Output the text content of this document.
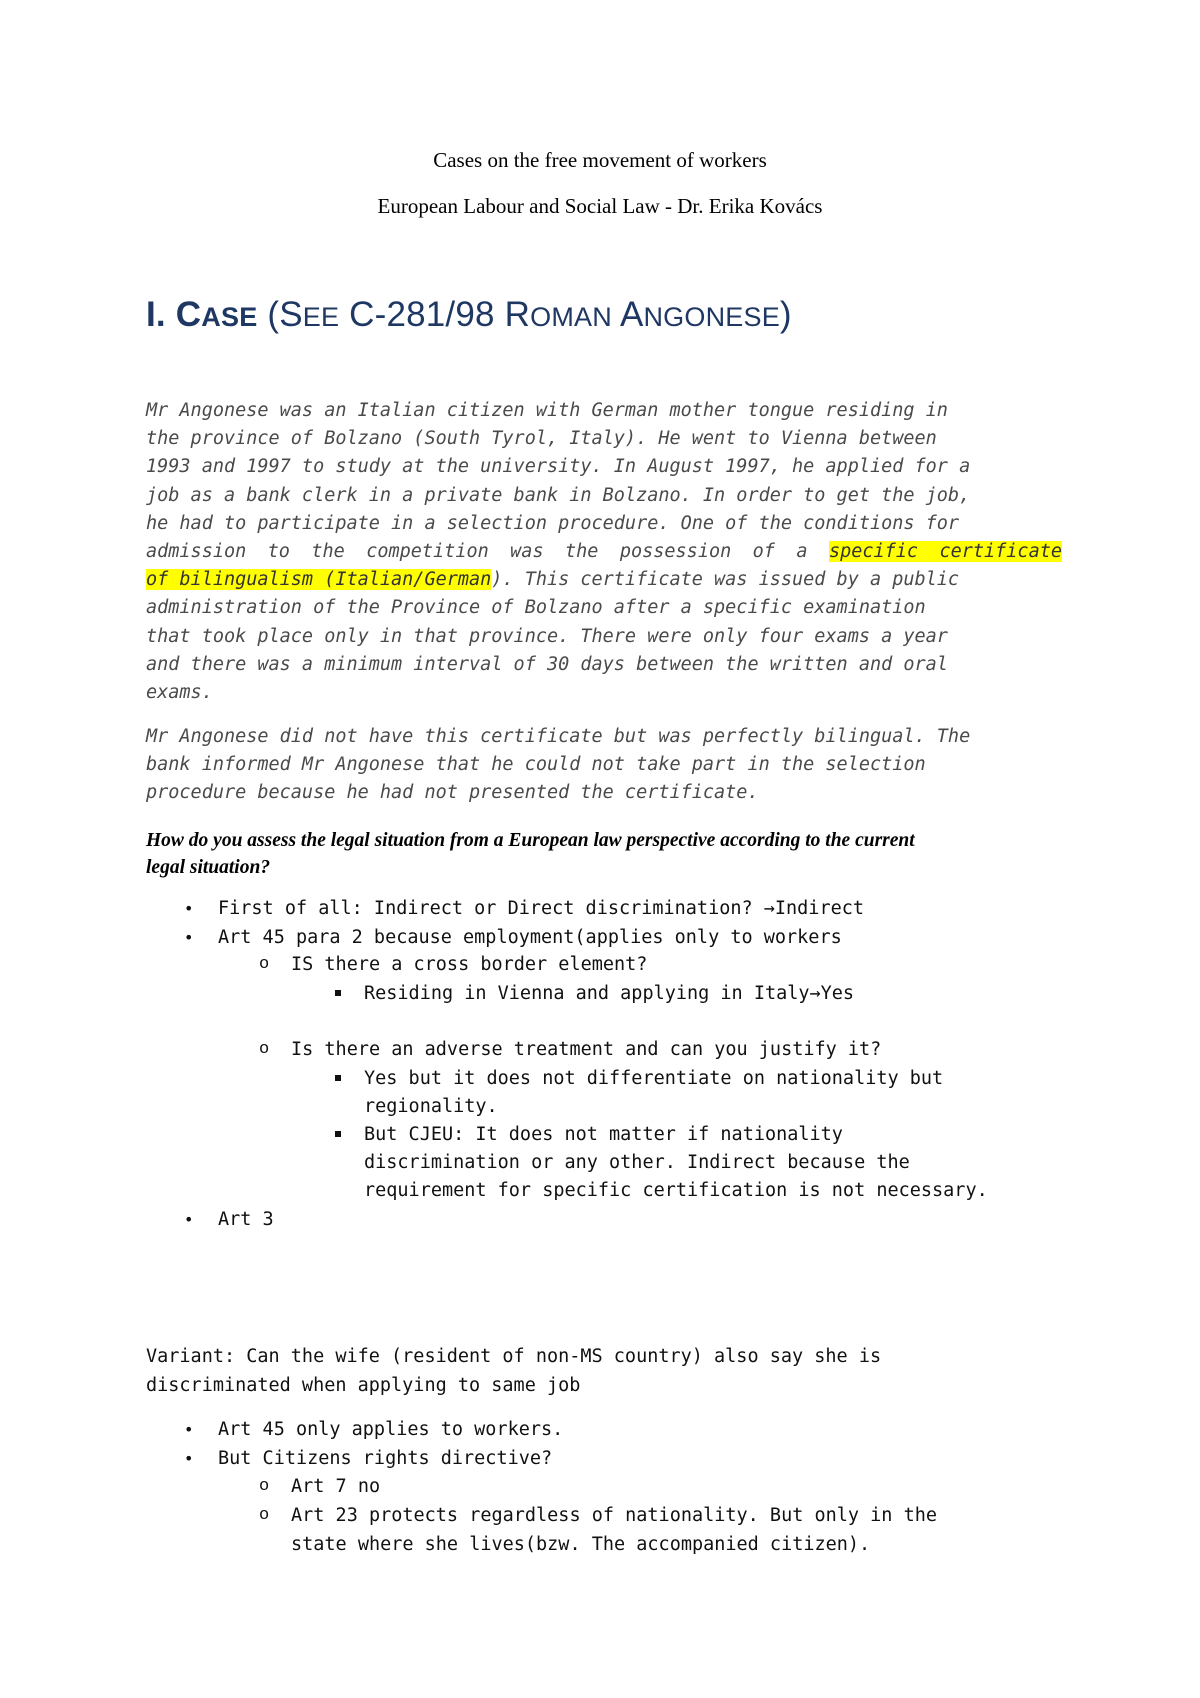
Cases on the free movement of workers
European Labour and Social Law - Dr. Erika Kovács
I. CASE (SEE C-281/98 ROMAN ANGONESE)
Mr Angonese was an Italian citizen with German mother tongue residing in
the province of Bolzano (South Tyrol, Italy). He went to Vienna between
1993 and 1997 to study at the university. In August 1997, he applied for a
job as a bank clerk in a private bank in Bolzano. In order to get the job,
he had to participate in a selection procedure. One of the conditions for
admission to the competition was the possession of a specific certificate
of bilingualism (Italian/German). This certificate was issued by a public
administration of the Province of Bolzano after a specific examination
that took place only in that province. There were only four exams a year
and there was a minimum interval of 30 days between the written and oral
exams.
Mr Angonese did not have this certificate but was perfectly bilingual. The
bank informed Mr Angonese that he could not take part in the selection
procedure because he had not presented the certificate.
How do you assess the legal situation from a European law perspective according to the current
legal situation?
• First of all: Indirect or Direct discrimination? →Indirect
• Art 45 para 2 because employment(applies only to workers
o IS there a cross border element?
Residing in Vienna and applying in Italy→Yes
o Is there an adverse treatment and can you justify it?
Yes but it does not differentiate on nationality but
regionality.
But CJEU: It does not matter if nationality
discrimination or any other. Indirect because the
requirement for specific certification is not necessary.
• Art 3
Variant: Can the wife (resident of non-MS country) also say she is
discriminated when applying to same job
• Art 45 only applies to workers.
• But Citizens rights directive?
o Art 7 no
o Art 23 protects regardless of nationality. But only in the
state where she lives(bzw. The accompanied citizen).
